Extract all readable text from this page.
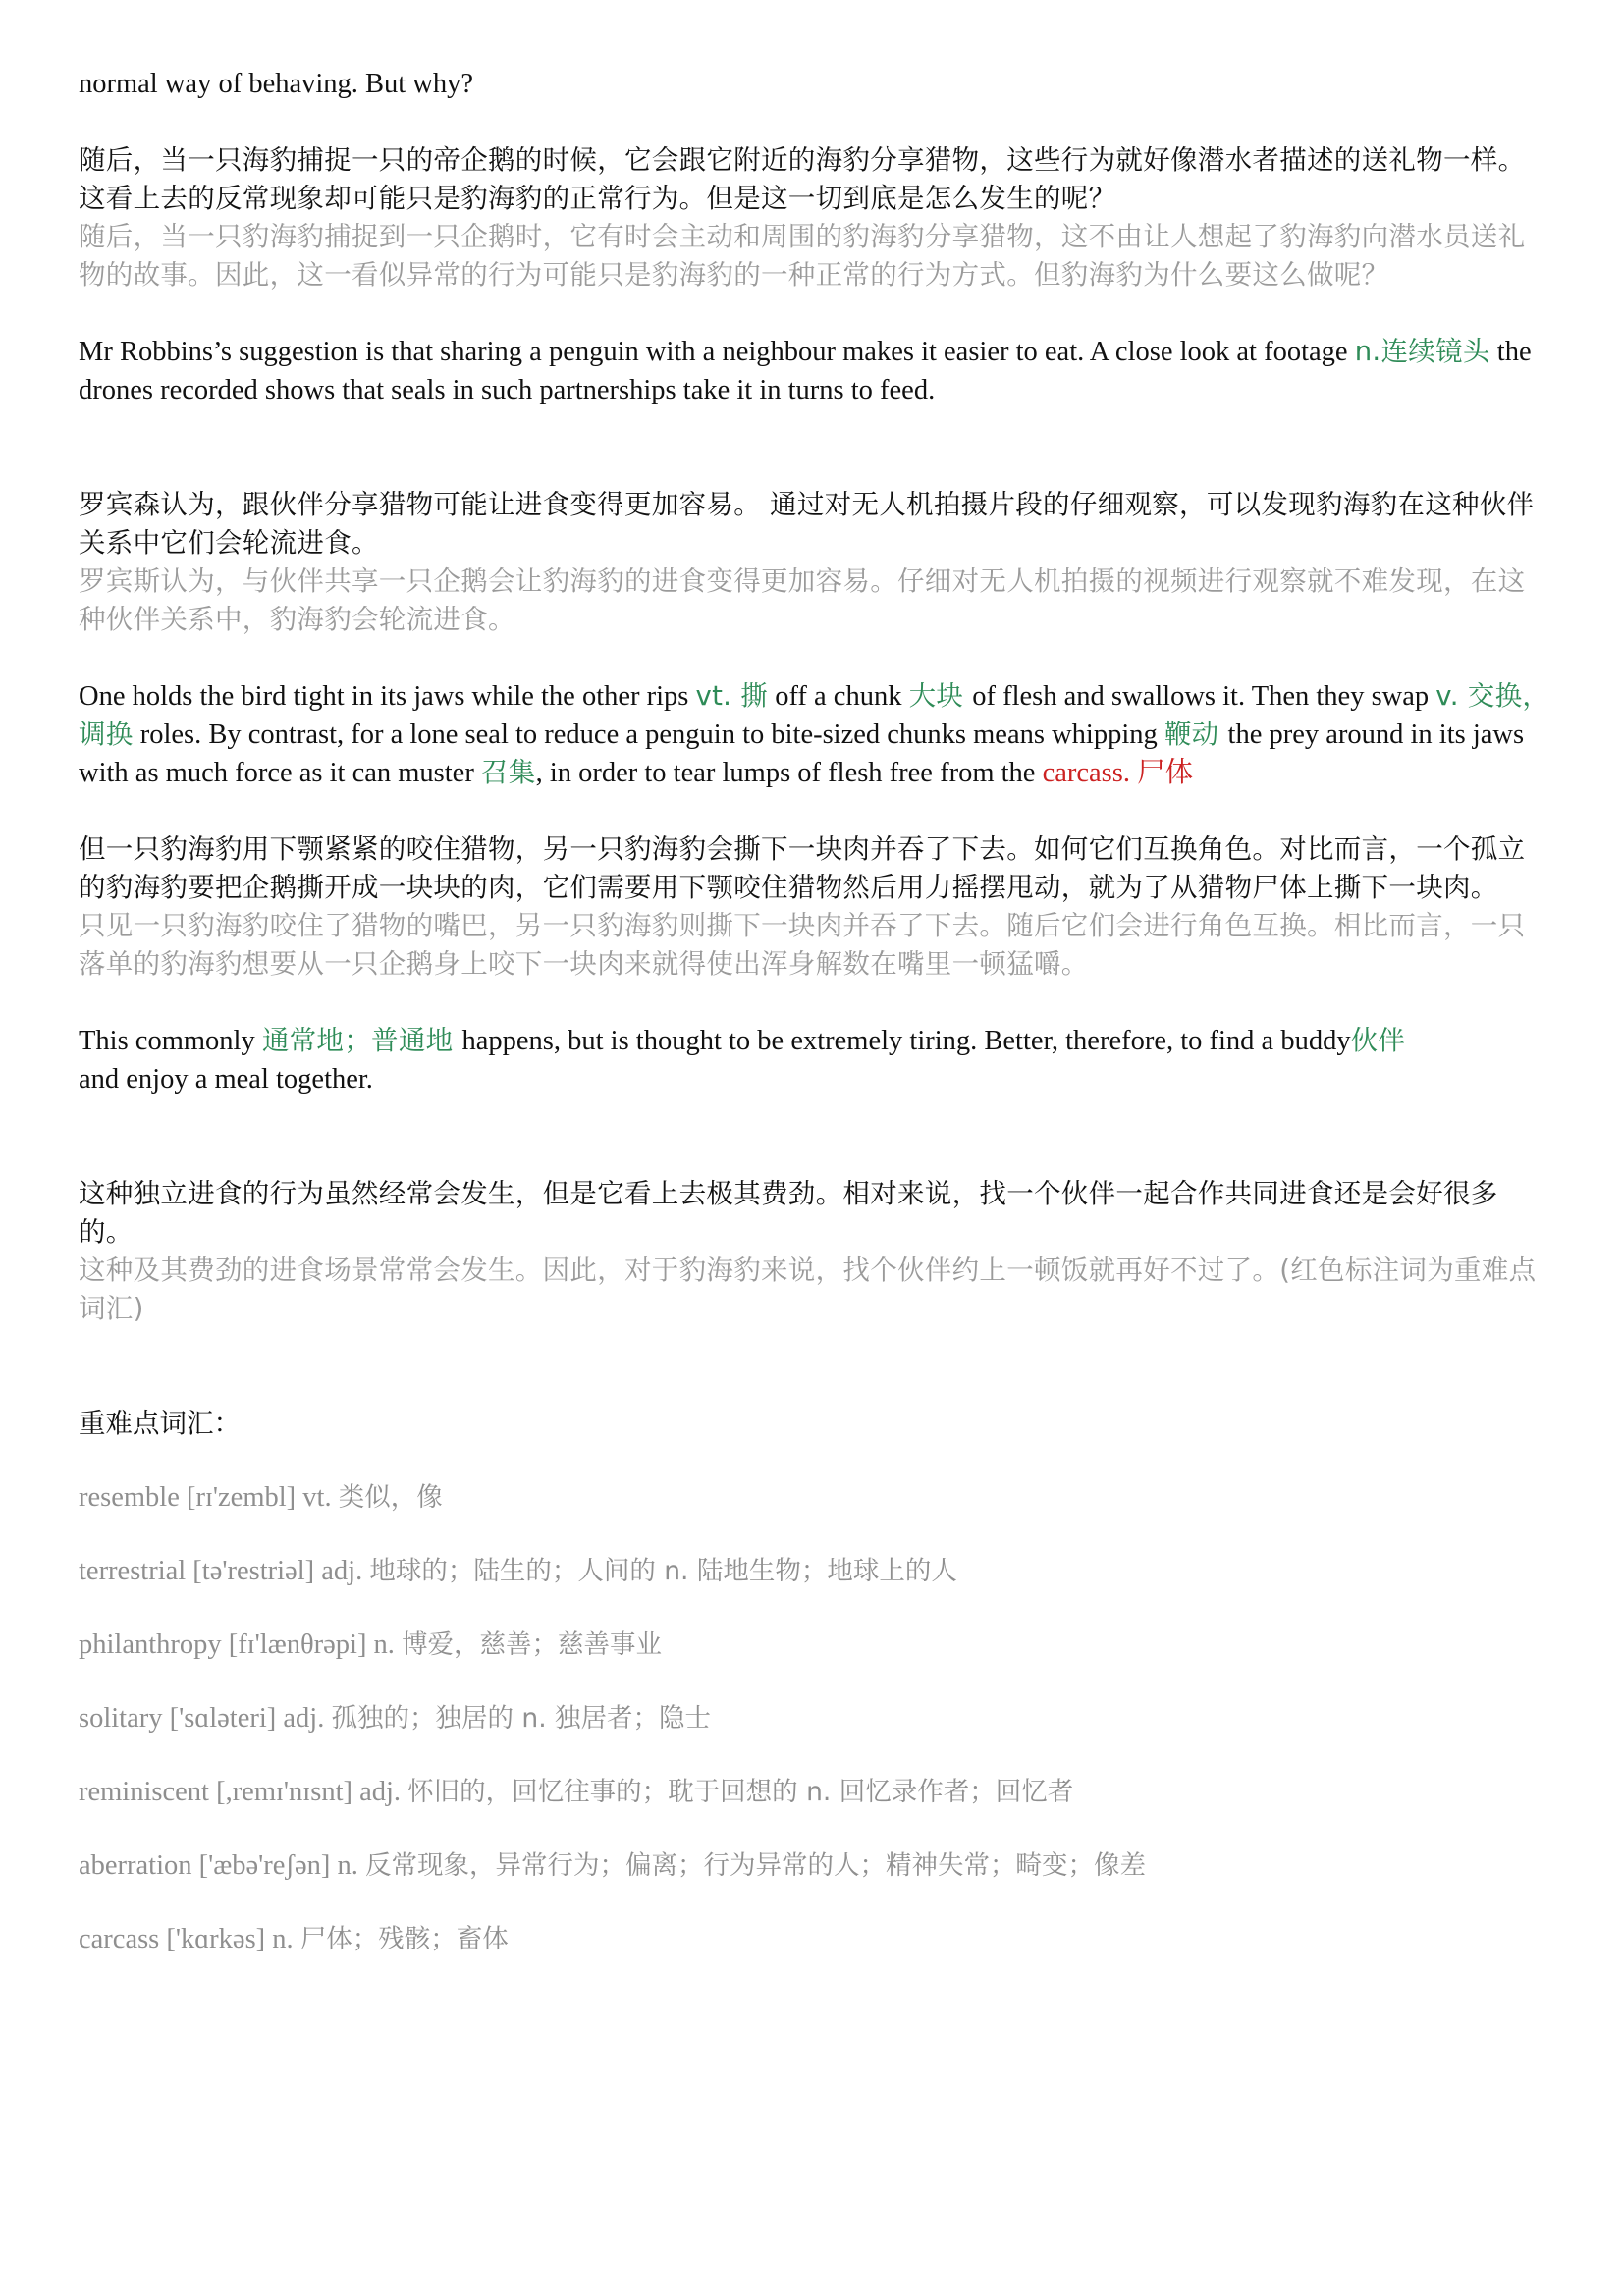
normal way of behaving. But why?

随后，当一只海豹捕捉一只的帝企鹅的时候，它会跟它附近的海豹分享猎物，这些行为就好像潜水者描述的送礼物一样。这看上去的反常现象却可能只是豹海豹的正常行为。但是这一切到底是怎么发生的呢？

随后，当一只豹海豹捕捉到一只企鹅时，它有时会主动和周围的豹海豹分享猎物，这不由让人想起了豹海豹向潜水员送礼物的故事。因此，这一看似异常的行为可能只是豹海豹的一种正常的行为方式。但豹海豹为什么要这么做呢？

Mr Robbins’s suggestion is that sharing a penguin with a neighbour makes it easier to eat. A close look at footage n.连续镜头 the drones recorded shows that seals in such partnerships take it in turns to feed.

罗宾森认为，跟伙伴分享猎物可能让进食变得更加容易。 通过对无人机拍摄片段的仔细观察，可以发现豹海豹在这种伙伴关系中它们会轮流进食。

罗宾斯认为，与伙伴共享一只企鹅会让豹海豹的进食变得更加容易。仔细对无人机拍摄的视频进行观察就不难发现，在这种伙伴关系中，豹海豹会轮流进食。

One holds the bird tight in its jaws while the other rips vt. 撕 off a chunk 大块 of flesh and swallows it. Then they swap v. 交换，调换 roles. By contrast, for a lone seal to reduce a penguin to bite-sized chunks means whipping 鞭动 the prey around in its jaws with as much force as it can muster 召集, in order to tear lumps of flesh free from the carcass. 尸体

但一只豹海豹用下颚紧紧的咬住猎物，另一只豹海豹会撕下一块肉并吞了下去。如何它们互换角色。对比而言，一个孤立的豹海豹要把企鹅撕开成一块块的肉，它们需要用下颚咬住猎物然后用力摇摆甩动，就为了从猎物尸体上撕下一块肉。

只见一只豹海豹咬住了猎物的嘴巴，另一只豹海豹则撕下一块肉并吞了下去。随后它们会进行角色互换。相比而言，一只落单的豹海豹想要从一只企鹅身上咬下一块肉来就得使出浑身解数在嘴里一顿猛嚼。

This commonly 通常地；普通地 happens, but is thought to be extremely tiring. Better, therefore, to find a buddy伙伴
and enjoy a meal together.

这种独立进食的行为虽然经常会发生，但是它看上去极其费劲。相对来说，找一个伙伴一起合作共同进食还是会好很多的。

这种及其费劲的进食场景常常会发生。因此，对于豹海豹来说，找个伙伴约上一顿饭就再好不过了。(红色标注词为重难点词汇)

重难点词汇：

resemble [rɪ'zembl] vt. 类似，像

terrestrial [tə'restriəl] adj. 地球的；陆生的；人间的 n. 陆地生物；地球上的人

philanthropy [fɪ'lænθrəpi] n. 博爱，慈善；慈善事业

solitary ['sɑləteri] adj. 孤独的；独居的 n. 独居者；隐士

reminiscent [,remɪ'nɪsnt] adj. 怀旧的，回忆往事的；耽于回想的 n. 回忆录作者；回忆者

aberration ['æbə'reʃən] n. 反常现象，异常行为；偏离；行为异常的人；精神失常；畸变；像差

carcass ['kɑrkəs] n. 尸体；残骸；畜体
